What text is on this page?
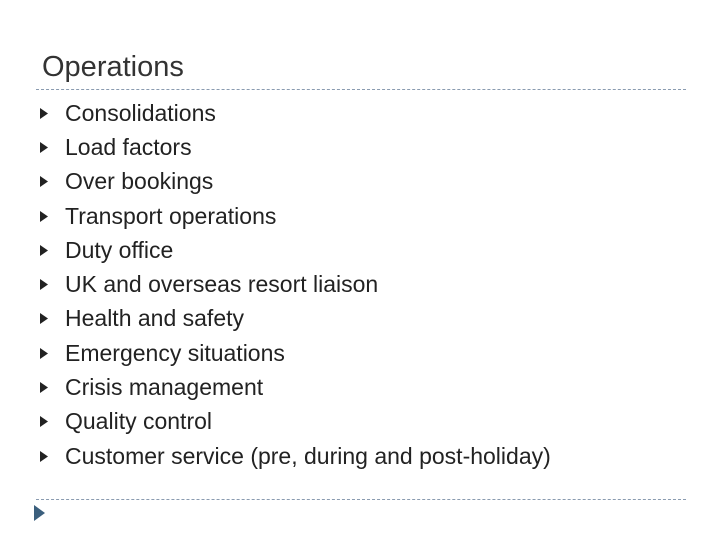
Operations
Consolidations
Load factors
Over bookings
Transport operations
Duty office
UK and overseas resort liaison
Health and safety
Emergency situations
Crisis management
Quality control
Customer service (pre, during and post-holiday)
